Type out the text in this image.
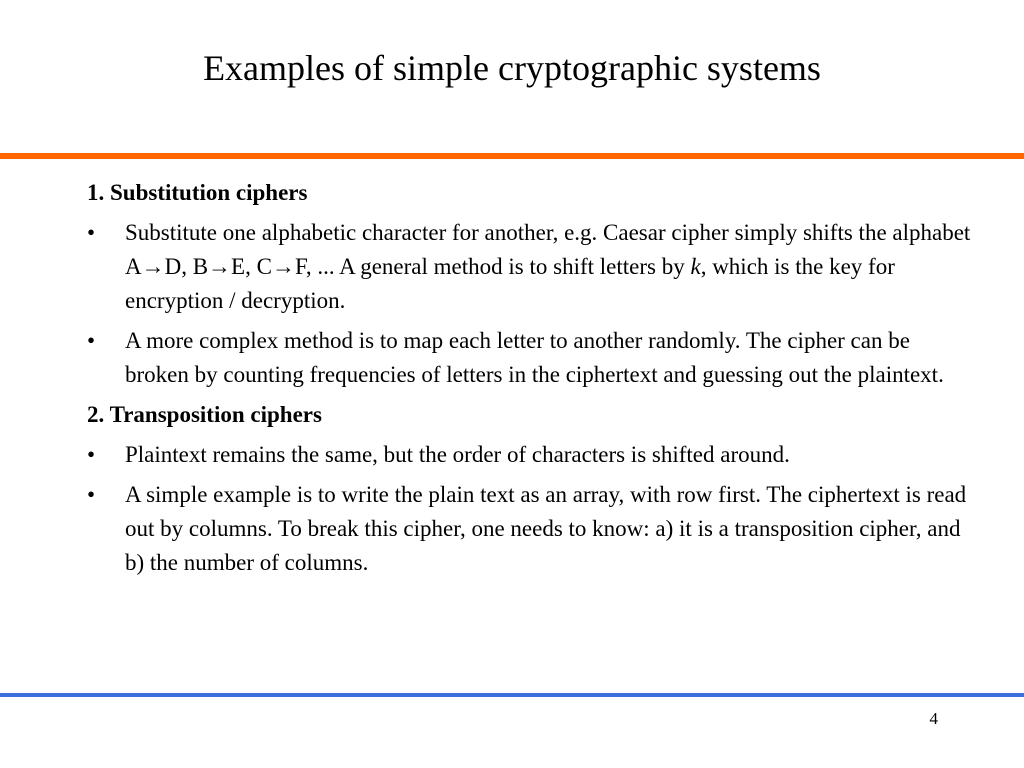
Examples of simple cryptographic systems
1. Substitution ciphers
• Substitute one alphabetic character for another, e.g. Caesar cipher simply shifts the alphabet A→D, B→E, C→F, ... A general method is to shift letters by k, which is the key for encryption / decryption.
• A more complex method is to map each letter to another randomly. The cipher can be broken by counting frequencies of letters in the ciphertext and guessing out the plaintext.
2. Transposition ciphers
• Plaintext remains the same, but the order of characters is shifted around.
• A simple example is to write the plain text as an array, with row first. The ciphertext is read out by columns. To break this cipher, one needs to know: a) it is a transposition cipher, and b) the number of columns.
4
